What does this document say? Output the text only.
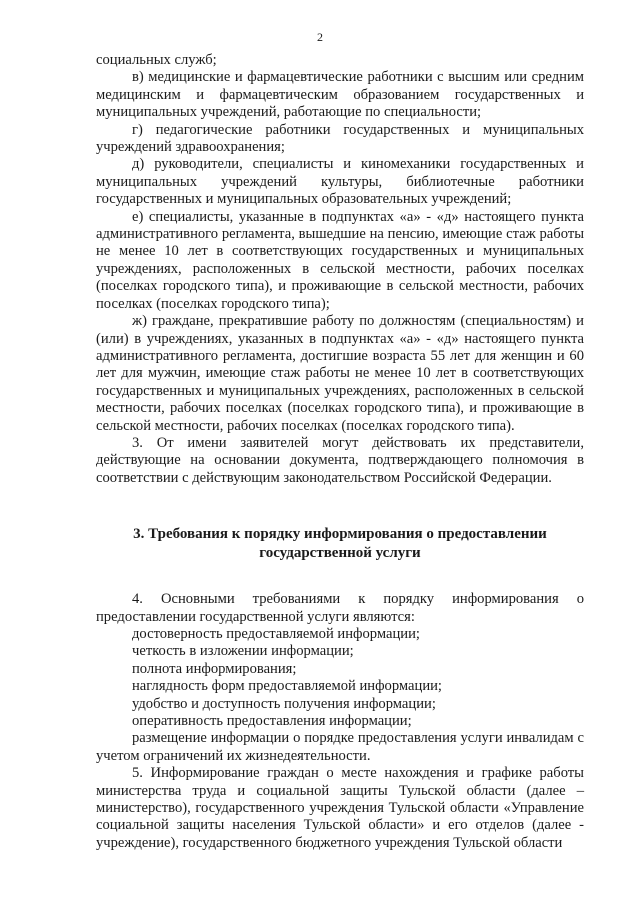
2

социальных служб;

в) медицинские и фармацевтические работники с высшим или средним медицинским и фармацевтическим образованием государственных и муниципальных учреждений, работающие по специальности;

г) педагогические работники государственных и муниципальных учреждений здравоохранения;

д) руководители, специалисты и киномеханики государственных и муниципальных учреждений культуры, библиотечные работники государственных и муниципальных образовательных учреждений;

е) специалисты, указанные в подпунктах «а» - «д» настоящего пункта административного регламента, вышедшие на пенсию, имеющие стаж работы не менее 10 лет в соответствующих государственных и муниципальных учреждениях, расположенных в сельской местности, рабочих поселках (поселках городского типа), и проживающие в сельской местности, рабочих поселках (поселках городского типа);

ж) граждане, прекратившие работу по должностям (специальностям) и (или) в учреждениях, указанных в подпунктах «а» - «д» настоящего пункта административного регламента, достигшие возраста 55 лет для женщин и 60 лет для мужчин, имеющие стаж работы не менее 10 лет в соответствующих государственных и муниципальных учреждениях, расположенных в сельской местности, рабочих поселках (поселках городского типа), и проживающие в сельской местности, рабочих поселках (поселках городского типа).

3. От имени заявителей могут действовать их представители, действующие на основании документа, подтверждающего полномочия в соответствии с действующим законодательством Российской Федерации.

3. Требования к порядку информирования о предоставлении
государственной услуги

4. Основными требованиями к порядку информирования о предоставлении государственной услуги являются:

достоверность предоставляемой информации;

четкость в изложении информации;

полнота информирования;

наглядность форм предоставляемой информации;

удобство и доступность получения информации;

оперативность предоставления информации;

размещение информации о порядке предоставления услуги инвалидам с учетом ограничений их жизнедеятельности.

5. Информирование граждан о месте нахождения и графике работы министерства труда и социальной защиты Тульской области (далее – министерство), государственного учреждения Тульской области «Управление социальной защиты населения Тульской области» и его отделов (далее - учреждение), государственного бюджетного учреждения Тульской области
